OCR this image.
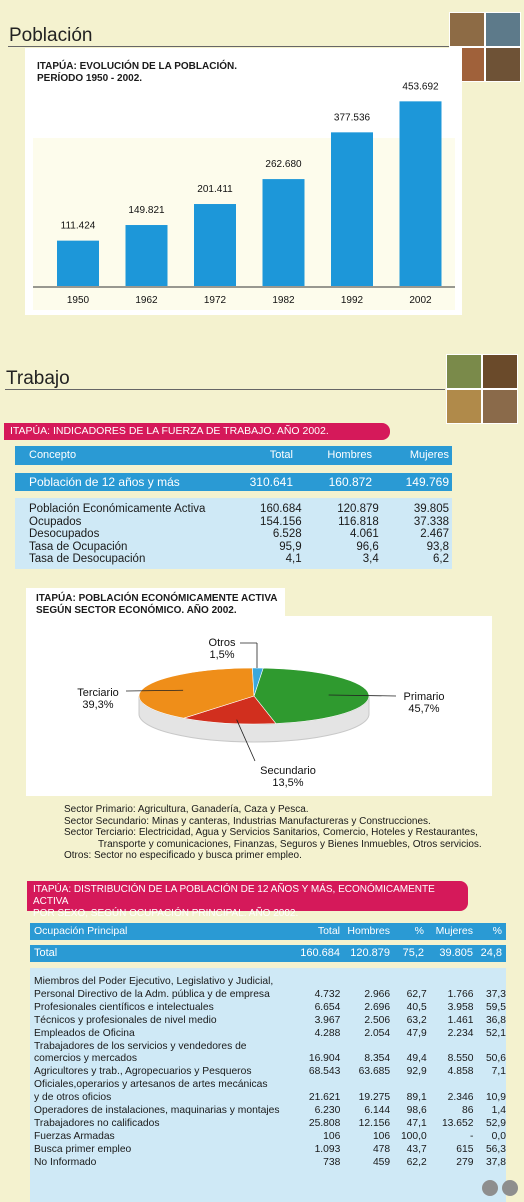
Población
ITAPÚA: EVOLUCIÓN DE LA POBLACIÓN.
PERÍODO 1950 - 2002.
111.424
1950
149.821
1962
201.411
1972
262.680
1982
377.536
1992
453.692
2002
Trabajo
ITAPÚA: INDICADORES DE LA FUERZA DE TRABAJO. AÑO 2002.
Concepto	Total	Hombres	Mujeres
Población de 12 años y más	310.641	160.872	149.769
Población Económicamente Activa	160.684	120.879	39.805
Ocupados	154.156	116.818	37.338
Desocupados	6.528	4.061	2.467
Tasa de Ocupación	95,9	96,6	93,8
Tasa de Desocupación	4,1	3,4	6,2
ITAPÚA: POBLACIÓN ECONÓMICAMENTE ACTIVA
SEGÚN SECTOR ECONÓMICO. AÑO 2002.
Primario
45,7%
Secundario
13,5%
Terciario
39,3%
Otros
1,5%
Sector Primario: Agricultura, Ganadería, Caza y Pesca.
Sector Secundario: Minas y canteras, Industrias Manufactureras y Construcciones.
Sector Terciario: Electricidad, Agua y Servicios Sanitarios, Comercio, Hoteles y Restaurantes,
Transporte y comunicaciones, Finanzas, Seguros y Bienes Inmuebles, Otros servicios.
Otros: Sector no especificado y busca primer empleo.
ITAPÚA: DISTRIBUCIÓN DE LA POBLACIÓN DE 12 AÑOS Y MÁS, ECONÓMICAMENTE ACTIVA
POR SEXO, SEGÚN OCUPACIÓN PRINCIPAL. AÑO 2002.
Ocupación Principal	Total Hombres % Mujeres %
Total	160.684 120.879 75,2 39.805 24,8
Miembros del Poder Ejecutivo, Legislativo y Judicial,					
Personal Directivo de la Adm. pública y de empresa	4.732	2.966	62,7	1.766	37,3
Profesionales científicos e intelectuales	6.654	2.696	40,5	3.958	59,5
Técnicos y profesionales de nivel medio	3.967	2.506	63,2	1.461	36,8
Empleados de Oficina	4.288	2.054	47,9	2.234	52,1
Trabajadores de los servicios y vendedores de					
comercios y mercados	16.904	8.354	49,4	8.550	50,6
Agricultores y trab., Agropecuarios y Pesqueros	68.543	63.685	92,9	4.858	7,1
Oficiales,operarios y artesanos de artes mecánicas					
y de otros oficios	21.621	19.275	89,1	2.346	10,9
Operadores de instalaciones, maquinarias y montajes	6.230	6.144	98,6	86	1,4
Trabajadores no calificados	25.808	12.156	47,1	13.652	52,9
Fuerzas Armadas	106	106	100,0	-	0,0
Busca primer empleo	1.093	478	43,7	615	56,3
No Informado	738	459	62,2	279	37,8
